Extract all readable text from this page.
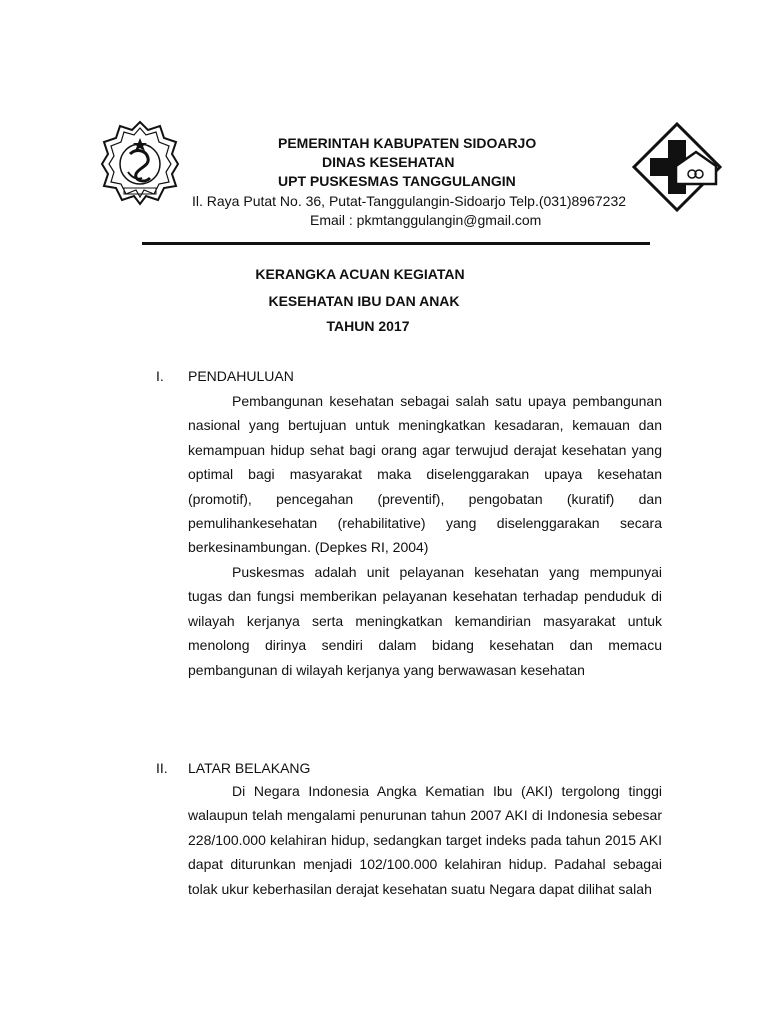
PEMERINTAH KABUPATEN SIDOARJO
DINAS KESEHATAN
UPT PUSKESMAS TANGGULANGIN
Il. Raya Putat No. 36, Putat-Tanggulangin-Sidoarjo Telp.(031)8967232
Email : pkmtanggulangin@gmail.com
KERANGKA ACUAN KEGIATAN
KESEHATAN IBU DAN ANAK
TAHUN 2017
I. PENDAHULUAN
Pembangunan kesehatan sebagai salah satu upaya pembangunan nasional yang bertujuan untuk meningkatkan kesadaran, kemauan dan kemampuan hidup sehat bagi orang agar terwujud derajat kesehatan yang optimal bagi masyarakat maka diselenggarakan upaya kesehatan (promotif), pencegahan (preventif), pengobatan (kuratif) dan pemulihankesehatan (rehabilitative) yang diselenggarakan secara berkesinambungan. (Depkes RI, 2004)
Puskesmas adalah unit pelayanan kesehatan yang mempunyai tugas dan fungsi memberikan pelayanan kesehatan terhadap penduduk di wilayah kerjanya serta meningkatkan kemandirian masyarakat untuk menolong dirinya sendiri dalam bidang kesehatan dan memacu pembangunan di wilayah kerjanya yang berwawasan kesehatan
II. LATAR BELAKANG
Di Negara Indonesia Angka Kematian Ibu (AKI) tergolong tinggi walaupun telah mengalami penurunan tahun 2007 AKI di Indonesia sebesar 228/100.000 kelahiran hidup, sedangkan target indeks pada tahun 2015 AKI dapat diturunkan menjadi 102/100.000 kelahiran hidup. Padahal sebagai tolak ukur keberhasilan derajat kesehatan suatu Negara dapat dilihat salah
